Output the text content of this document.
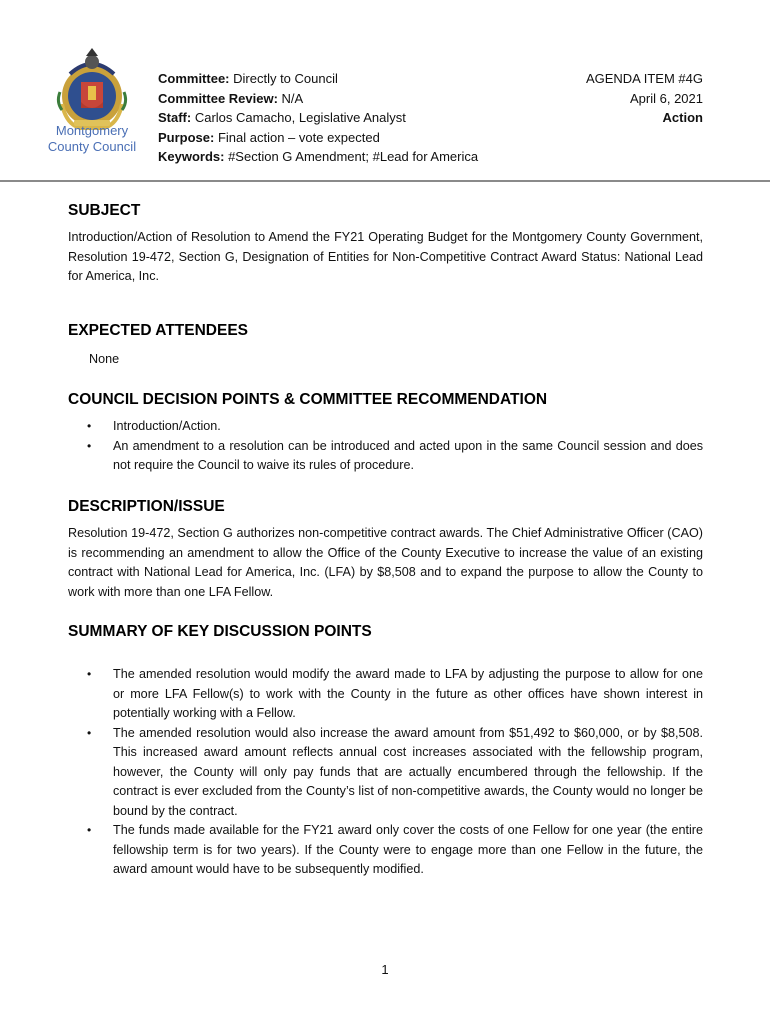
Montgomery
County Council
Committee: Directly to Council
Committee Review: N/A
Staff: Carlos Camacho, Legislative Analyst
Purpose: Final action – vote expected
Keywords: #Section G Amendment; #Lead for America
AGENDA ITEM #4G
April 6, 2021
Action
SUBJECT

Introduction/Action of Resolution to Amend the FY21 Operating Budget for the Montgomery County Government, Resolution 19-472, Section G, Designation of Entities for Non-Competitive Contract Award Status: National Lead for America, Inc.

EXPECTED ATTENDEES

None

COUNCIL DECISION POINTS & COMMITTEE RECOMMENDATION
• Introduction/Action.
• An amendment to a resolution can be introduced and acted upon in the same Council session and does not require the Council to waive its rules of procedure.
DESCRIPTION/ISSUE

Resolution 19-472, Section G authorizes non-competitive contract awards. The Chief Administrative Officer (CAO) is recommending an amendment to allow the Office of the County Executive to increase the value of an existing contract with National Lead for America, Inc. (LFA) by $8,508 and to expand the purpose to allow the County to work with more than one LFA Fellow.

SUMMARY OF KEY DISCUSSION POINTS
• The amended resolution would modify the award made to LFA by adjusting the purpose to allow for one or more LFA Fellow(s) to work with the County in the future as other offices have shown interest in potentially working with a Fellow.
• The amended resolution would also increase the award amount from $51,492 to $60,000, or by $8,508. This increased award amount reflects annual cost increases associated with the fellowship program, however, the County will only pay funds that are actually encumbered through the fellowship. If the contract is ever excluded from the County’s list of non-competitive awards, the County would no longer be bound by the contract.
• The funds made available for the FY21 award only cover the costs of one Fellow for one year (the entire fellowship term is for two years). If the County were to engage more than one Fellow in the future, the award amount would have to be subsequently modified.
1
